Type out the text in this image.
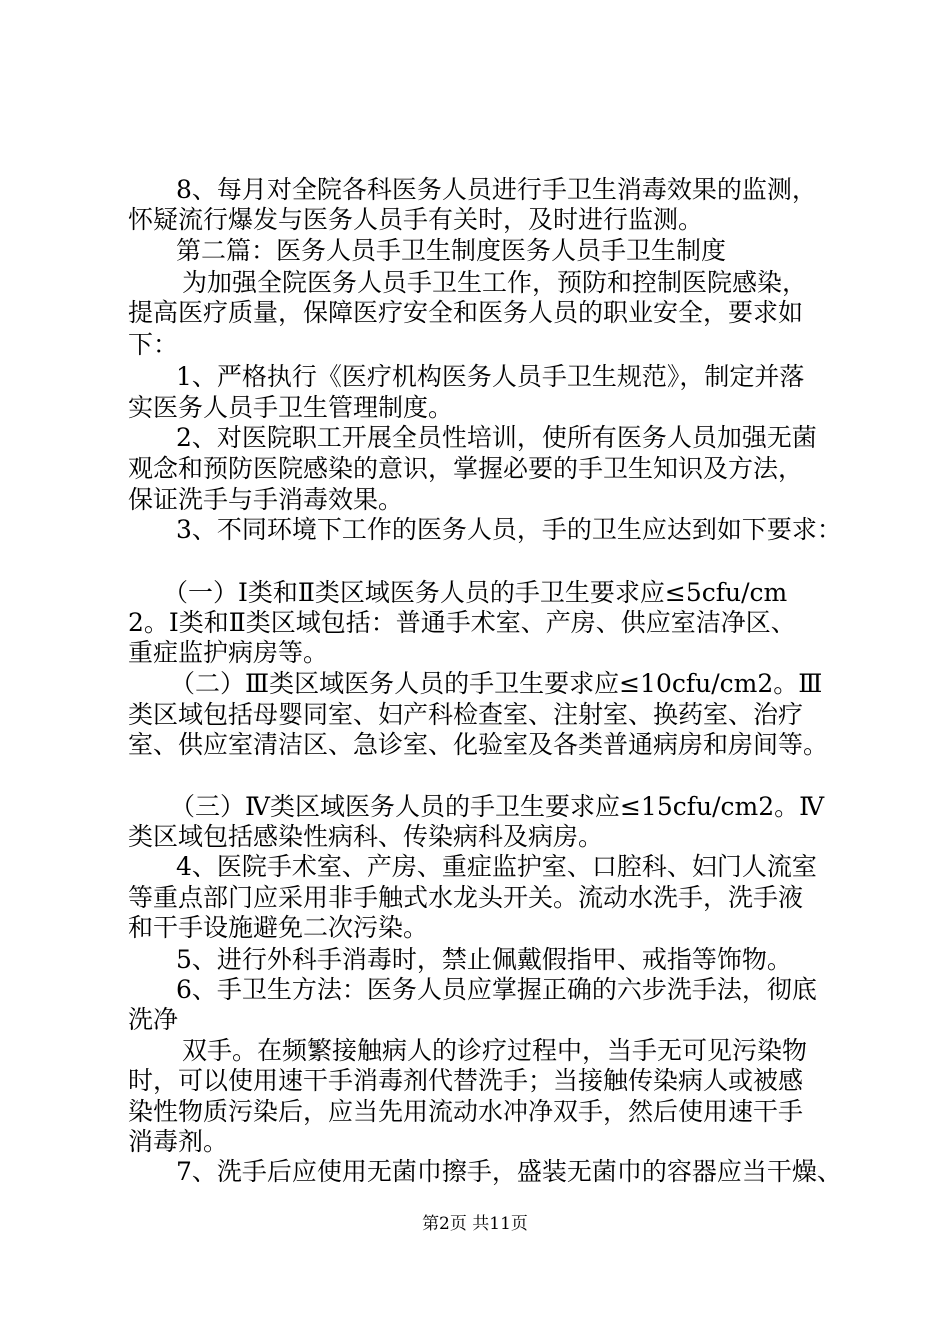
8、每月对全院各科医务人员进行手卫生消毒效果的监测，
怀疑流行爆发与医务人员手有关时，及时进行监测。
第二篇：医务人员手卫生制度医务人员手卫生制度
为加强全院医务人员手卫生工作，预防和控制医院感染，
提高医疗质量，保障医疗安全和医务人员的职业安全，要求如
下：
1、严格执行《医疗机构医务人员手卫生规范》，制定并落
实医务人员手卫生管理制度。
2、对医院职工开展全员性培训，使所有医务人员加强无菌
观念和预防医院感染的意识，掌握必要的手卫生知识及方法，
保证洗手与手消毒效果。
3、不同环境下工作的医务人员，手的卫生应达到如下要求：
（一）Ⅰ类和Ⅱ类区域医务人员的手卫生要求应≤5cfu/cm
2。Ⅰ类和Ⅱ类区域包括：普通手术室、产房、供应室洁净区、
重症监护病房等。
（二）Ⅲ类区域医务人员的手卫生要求应≤10cfu/cm2。Ⅲ
类区域包括母婴同室、妇产科检查室、注射室、换药室、治疗
室、供应室清洁区、急诊室、化验室及各类普通病房和房间等。
（三）Ⅳ类区域医务人员的手卫生要求应≤15cfu/cm2。Ⅳ
类区域包括感染性病科、传染病科及病房。
4、医院手术室、产房、重症监护室、口腔科、妇门人流室
等重点部门应采用非手触式水龙头开关。流动水洗手，洗手液
和干手设施避免二次污染。
5、进行外科手消毒时，禁止佩戴假指甲、戒指等饰物。
6、手卫生方法：医务人员应掌握正确的六步洗手法，彻底
洗净
双手。在频繁接触病人的诊疗过程中，当手无可见污染物
时，可以使用速干手消毒剂代替洗手；当接触传染病人或被感
染性物质污染后，应当先用流动水冲净双手，然后使用速干手
消毒剂。
7、洗手后应使用无菌巾擦手，盛装无菌巾的容器应当干燥、
第2页 共11页
